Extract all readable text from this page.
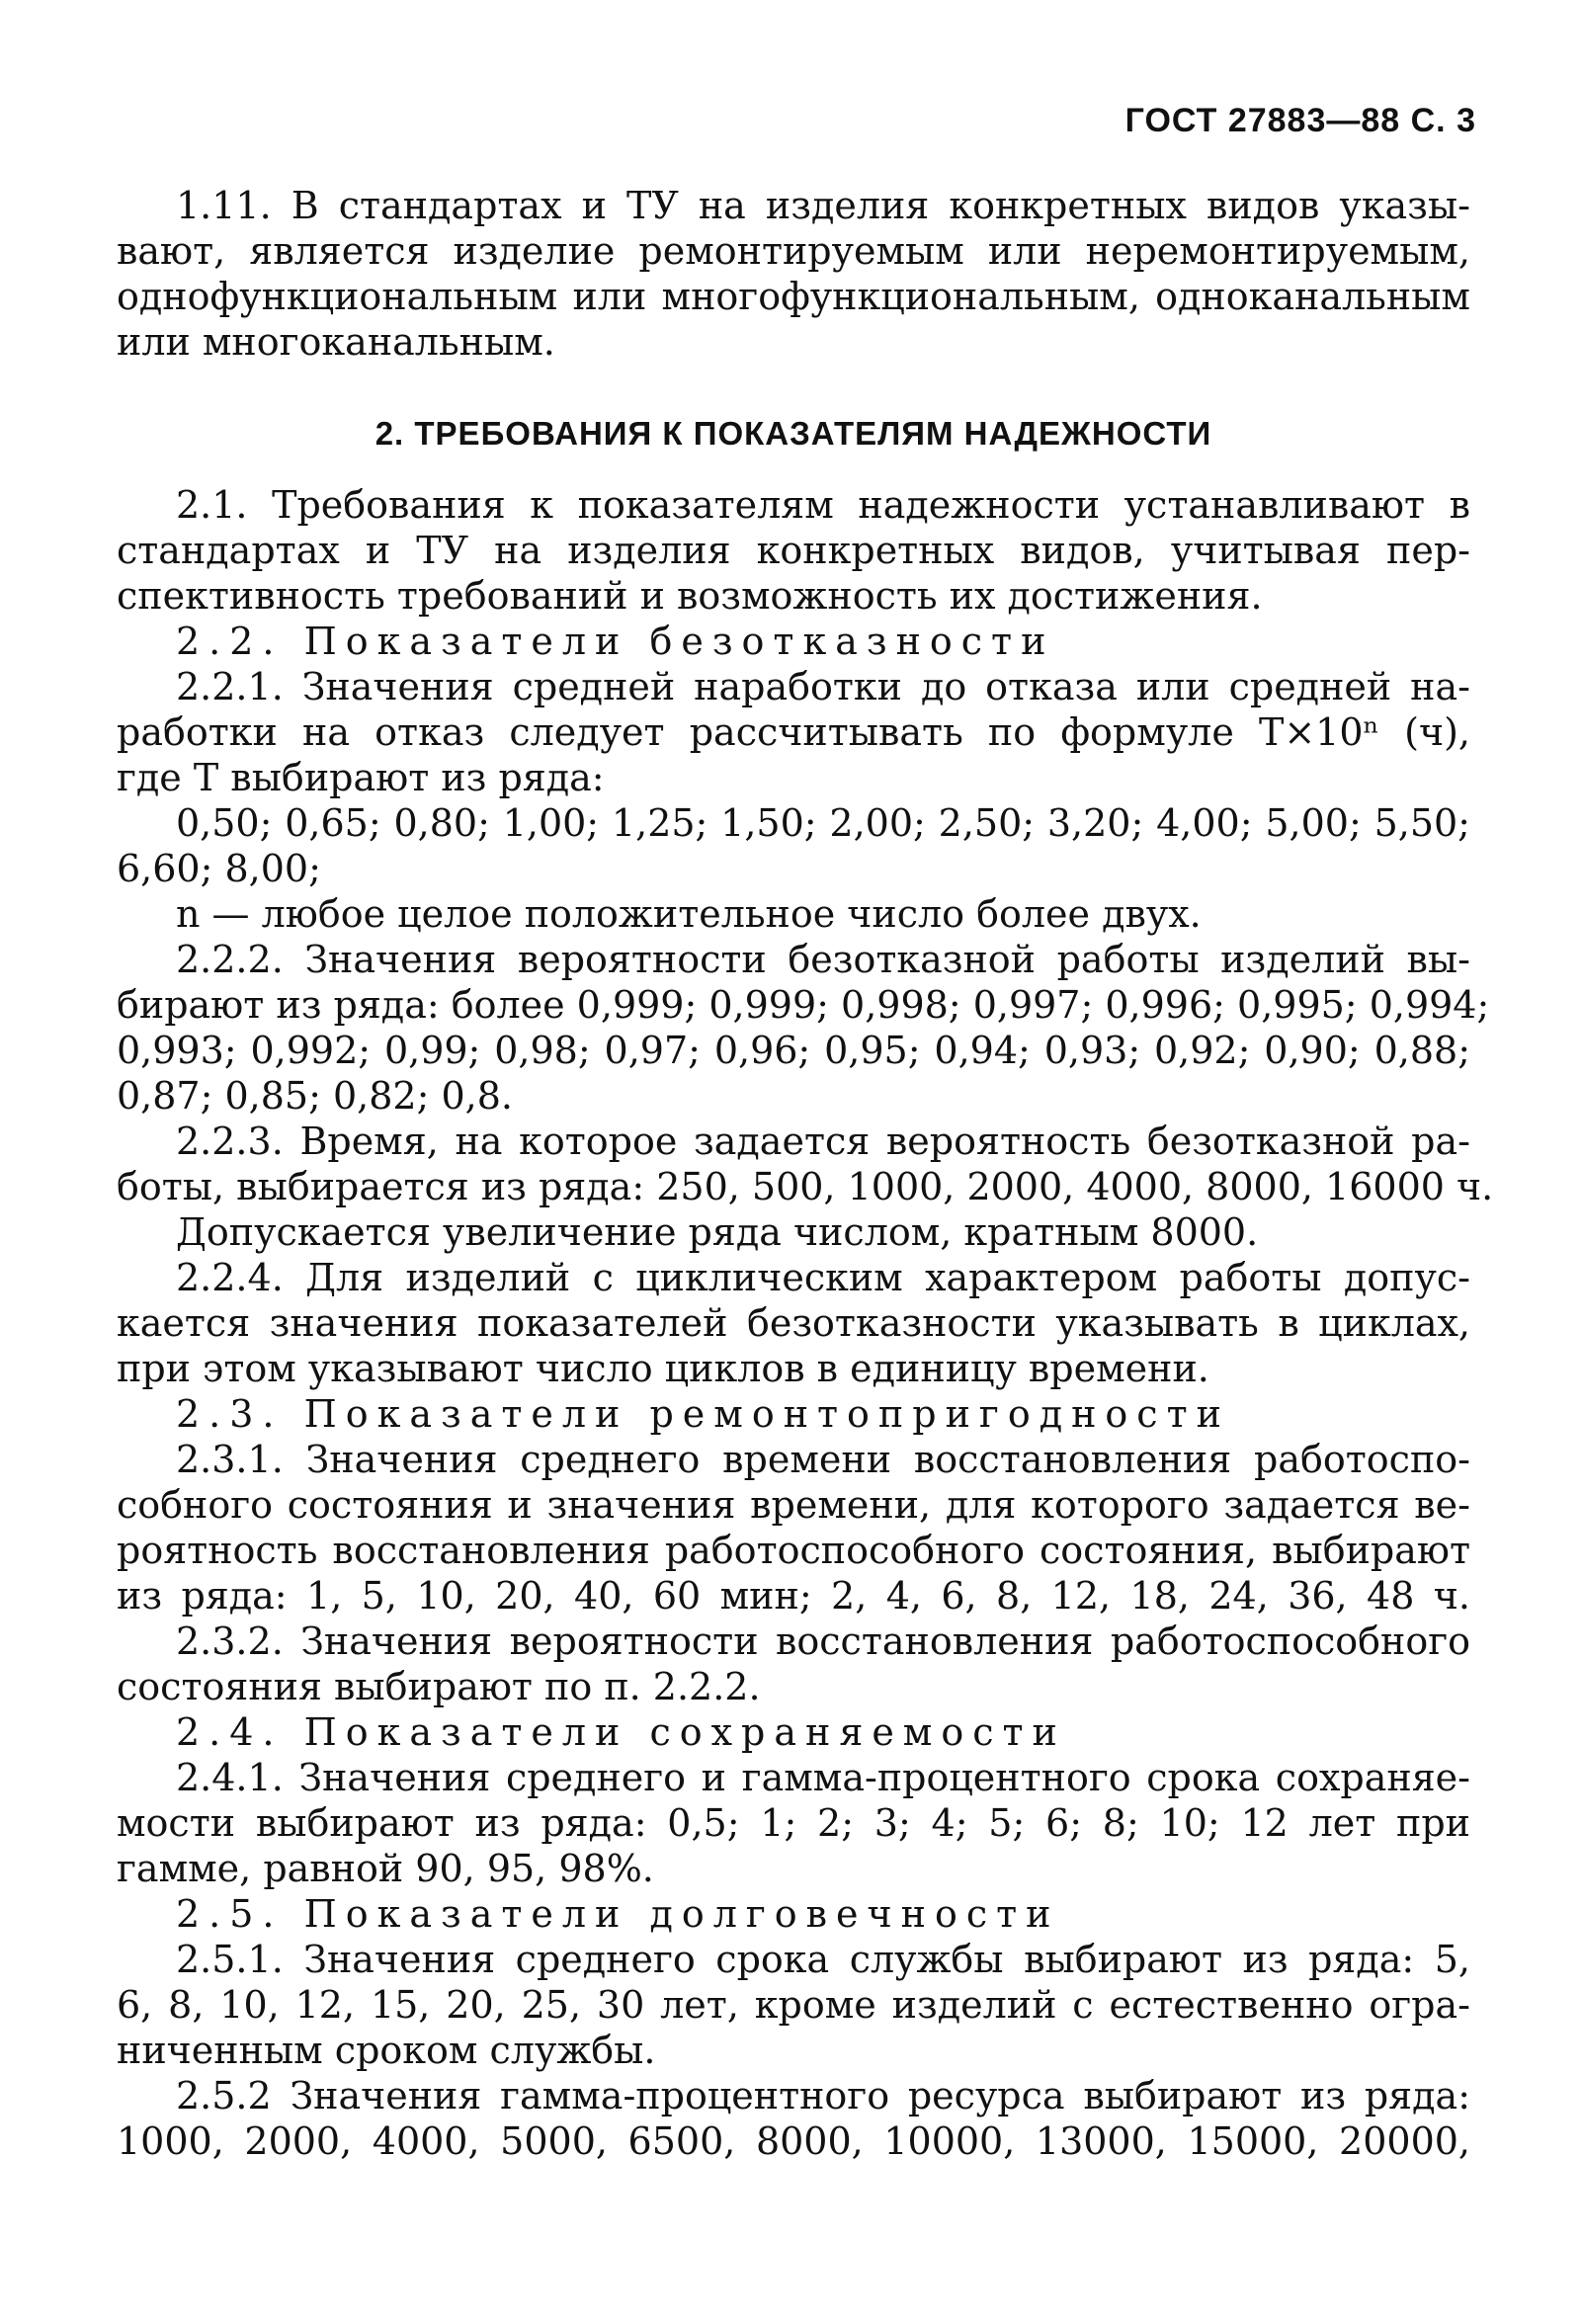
ГОСТ 27883—88 С. 3
1.11. В стандартах и ТУ на изделия конкретных видов указы-
вают, является изделие ремонтируемым или неремонтируемым,
однофункциональным или многофункциональным, одноканальным
или многоканальным.
2. ТРЕБОВАНИЯ К ПОКАЗАТЕЛЯМ НАДЕЖНОСТИ
2.1. Требования к показателям надежности устанавливают в
стандартах и ТУ на изделия конкретных видов, учитывая пер-
спективность требований и возможность их достижения.
2.2. Показатели безотказности
2.2.1. Значения средней наработки до отказа или средней на-
работки на отказ следует рассчитывать по формуле T×10ⁿ (ч),
где T выбирают из ряда:
0,50; 0,65; 0,80; 1,00; 1,25; 1,50; 2,00; 2,50; 3,20; 4,00; 5,00; 5,50;
6,60; 8,00;
n — любое целое положительное число более двух.
2.2.2. Значения вероятности безотказной работы изделий вы-
бирают из ряда: более 0,999; 0,999; 0,998; 0,997; 0,996; 0,995; 0,994;
0,993; 0,992; 0,99; 0,98; 0,97; 0,96; 0,95; 0,94; 0,93; 0,92; 0,90; 0,88;
0,87; 0,85; 0,82; 0,8.
2.2.3. Время, на которое задается вероятность безотказной ра-
боты, выбирается из ряда: 250, 500, 1000, 2000, 4000, 8000, 16000 ч.
Допускается увеличение ряда числом, кратным 8000.
2.2.4. Для изделий с циклическим характером работы допус-
кается значения показателей безотказности указывать в циклах,
при этом указывают число циклов в единицу времени.
2.3. Показатели ремонтопригодности
2.3.1. Значения среднего времени восстановления работоспо-
собного состояния и значения времени, для которого задается ве-
роятность восстановления работоспособного состояния, выбирают
из ряда: 1, 5, 10, 20, 40, 60 мин; 2, 4, 6, 8, 12, 18, 24, 36, 48 ч.
2.3.2. Значения вероятности восстановления работоспособного
состояния выбирают по п. 2.2.2.
2.4. Показатели сохраняемости
2.4.1. Значения среднего и гамма-процентного срока сохраняе-
мости выбирают из ряда: 0,5; 1; 2; 3; 4; 5; 6; 8; 10; 12 лет при
гамме, равной 90, 95, 98%.
2.5. Показатели долговечности
2.5.1. Значения среднего срока службы выбирают из ряда: 5,
6, 8, 10, 12, 15, 20, 25, 30 лет, кроме изделий с естественно огра-
ниченным сроком службы.
2.5.2 Значения гамма-процентного ресурса выбирают из ряда:
1000, 2000, 4000, 5000, 6500, 8000, 10000, 13000, 15000, 20000,
